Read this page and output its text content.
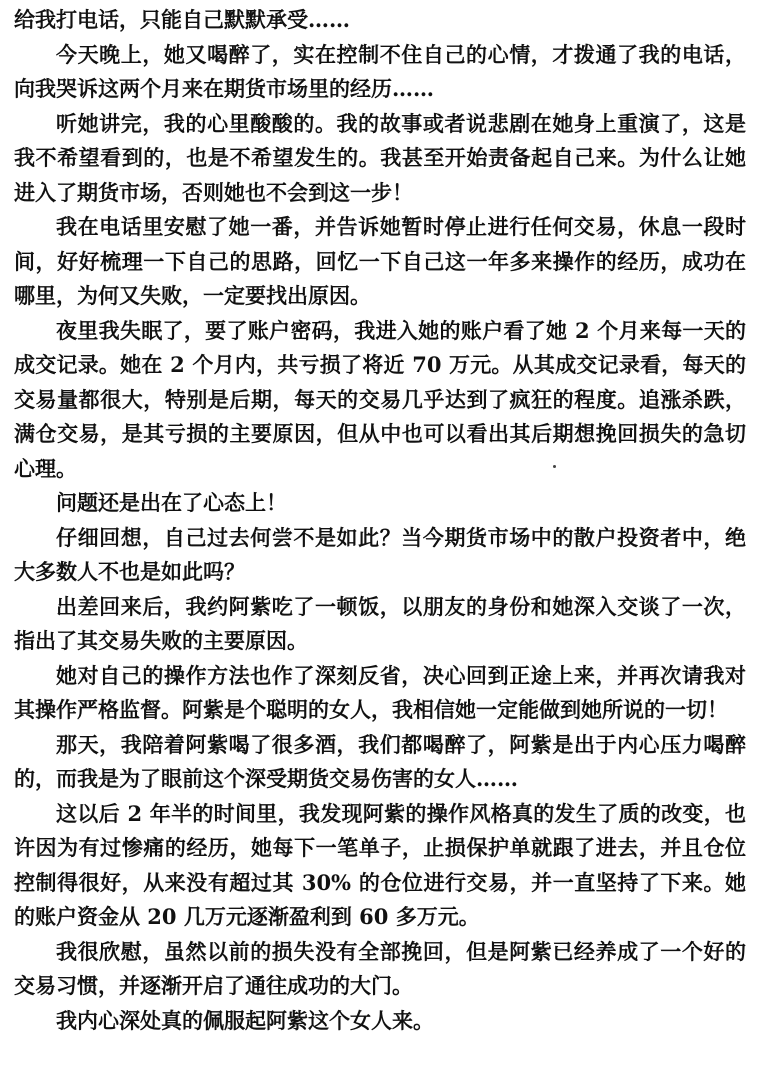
给我打电话，只能自己默默承受……

今天晚上，她又喝醉了，实在控制不住自己的心情，才拨通了我的电话，向我哭诉这两个月来在期货市场里的经历……

听她讲完，我的心里酸酸的。我的故事或者说悲剧在她身上重演了，这是我不希望看到的，也是不希望发生的。我甚至开始责备起自己来。为什么让她进入了期货市场，否则她也不会到这一步！

我在电话里安慰了她一番，并告诉她暂时停止进行任何交易，休息一段时间，好好梳理一下自己的思路，回忆一下自己这一年多来操作的经历，成功在哪里，为何又失败，一定要找出原因。

夜里我失眠了，要了账户密码，我进入她的账户看了她 2 个月来每一天的成交记录。她在 2 个月内，共亏损了将近 70 万元。从其成交记录看，每天的交易量都很大，特别是后期，每天的交易几乎达到了疯狂的程度。追涨杀跌，满仓交易，是其亏损的主要原因，但从中也可以看出其后期想挽回损失的急切心理。

问题还是出在了心态上！

仔细回想，自己过去何尝不是如此？当今期货市场中的散户投资者中，绝大多数人不也是如此吗？

出差回来后，我约阿紫吃了一顿饭，以朋友的身份和她深入交谈了一次，指出了其交易失败的主要原因。

她对自己的操作方法也作了深刻反省，决心回到正途上来，并再次请我对其操作严格监督。阿紫是个聪明的女人，我相信她一定能做到她所说的一切！

那天，我陪着阿紫喝了很多酒，我们都喝醉了，阿紫是出于内心压力喝醉的，而我是为了眼前这个深受期货交易伤害的女人……

这以后 2 年半的时间里，我发现阿紫的操作风格真的发生了质的改变，也许因为有过惨痛的经历，她每下一笔单子，止损保护单就跟了进去，并且仓位控制得很好，从来没有超过其 30% 的仓位进行交易，并一直坚持了下来。她的账户资金从 20 几万元逐渐盈利到 60 多万元。

我很欣慰，虽然以前的损失没有全部挽回，但是阿紫已经养成了一个好的交易习惯，并逐渐开启了通往成功的大门。

我内心深处真的佩服起阿紫这个女人来。
